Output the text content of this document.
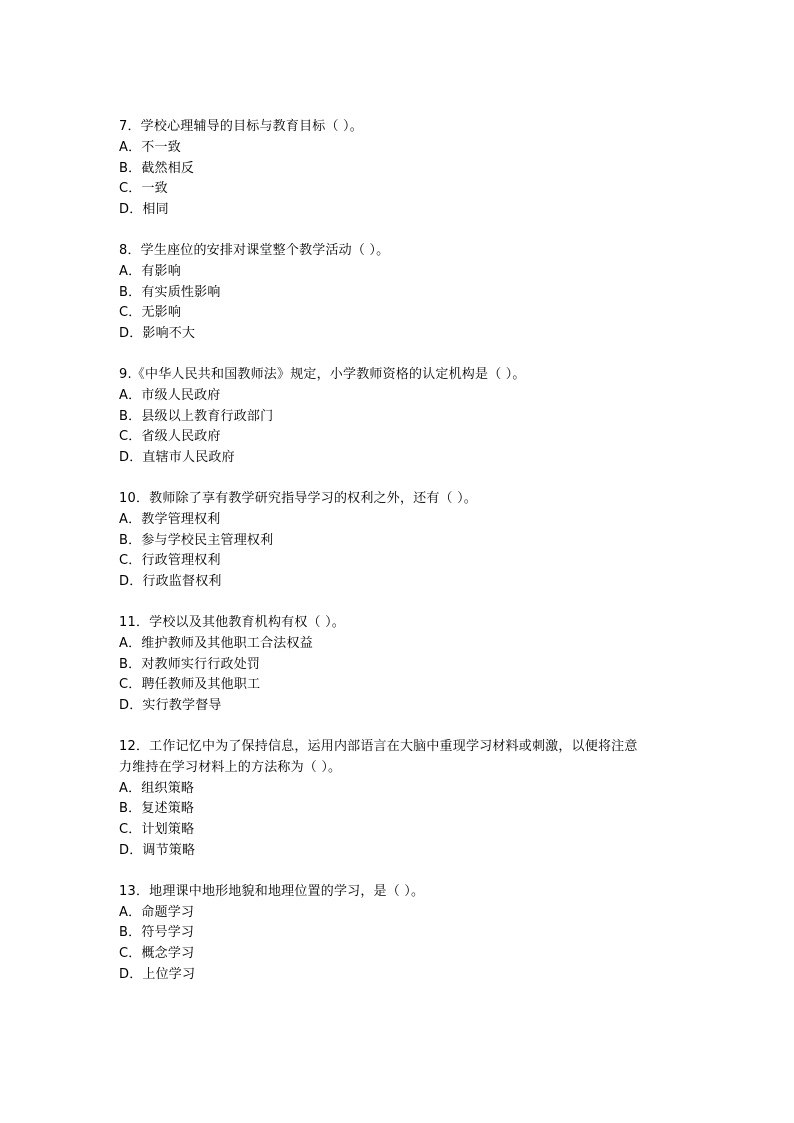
7．学校心理辅导的目标与教育目标（ ）。
A．不一致
B．截然相反
C．一致
D．相同
8．学生座位的安排对课堂整个教学活动（ ）。
A．有影响
B．有实质性影响
C．无影响
D．影响不大
9.《中华人民共和国教师法》规定，小学教师资格的认定机构是（ ）。
A．市级人民政府
B．县级以上教育行政部门
C．省级人民政府
D．直辖市人民政府
10．教师除了享有教学研究指导学习的权利之外，还有（ ）。
A．教学管理权利
B．参与学校民主管理权利
C．行政管理权利
D．行政监督权利
11．学校以及其他教育机构有权（ ）。
A．维护教师及其他职工合法权益
B．对教师实行行政处罚
C．聘任教师及其他职工
D．实行教学督导
12．工作记忆中为了保持信息，运用内部语言在大脑中重现学习材料或刺激，以便将注意
力维持在学习材料上的方法称为（ ）。
A．组织策略
B．复述策略
C．计划策略
D．调节策略
13．地理课中地形地貌和地理位置的学习，是（ ）。
A．命题学习
B．符号学习
C．概念学习
D．上位学习
